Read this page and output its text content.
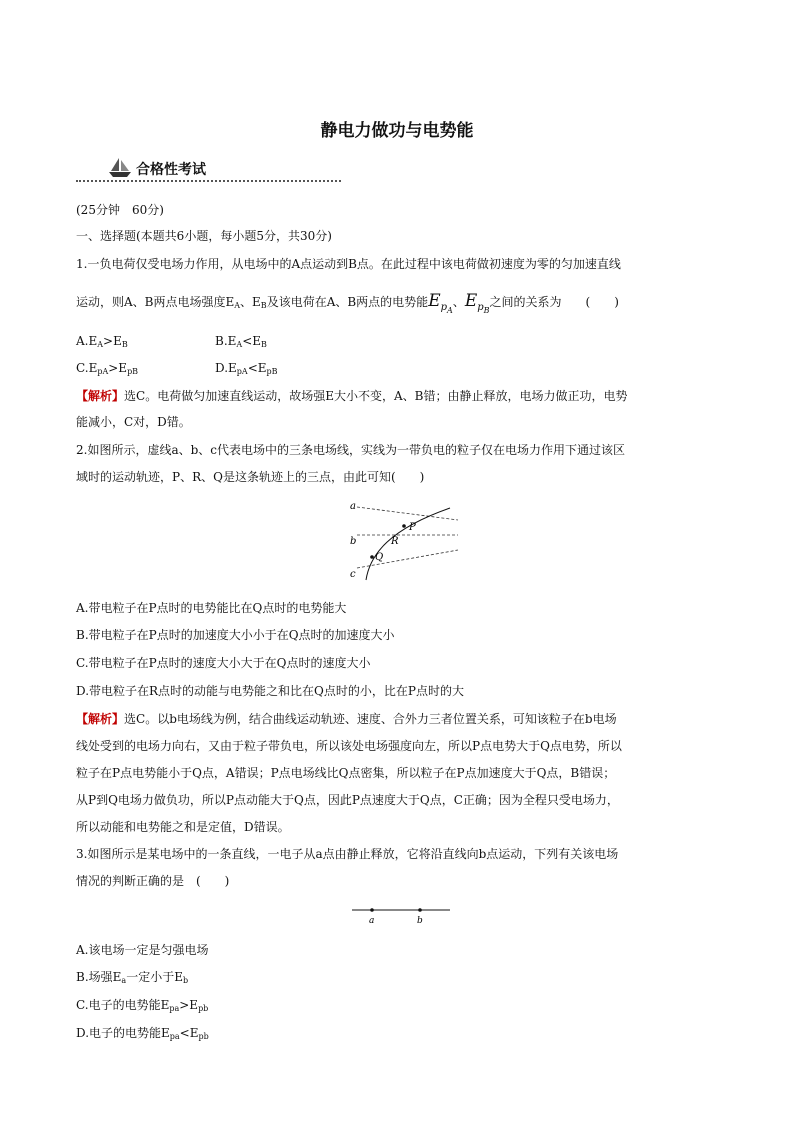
静电力做功与电势能
合格性考试
(25分钟　60分)
一、选择题(本题共6小题，每小题5分，共30分)
1.一负电荷仅受电场力作用，从电场中的A点运动到B点。在此过程中该电荷做初速度为零的匀加速直线
运动，则A、B两点电场强度$E_A$、$E_B$及该电荷在A、B两点的电势能$E_{p_A}$、$E_{p_B}$之间的关系为　　(　　)
$A.E_A>E_B$	$B.E_A<E_B$
$C.E_{pA}>E_{pB}$	$D.E_{pA}<E_{pB}$
【解析】选C。电荷做匀加速直线运动，故场强E大小不变，A、B错；由静止释放，电场力做正功，电势
能减小，C对，D错。
2.如图所示，虚线a、b、c代表电场中的三条电场线，实线为一带负电的粒子仅在电场力作用下通过该区
域时的运动轨迹，P、R、Q是这条轨迹上的三点，由此可知(　　)
a
b
c
P
R
Q
A.带电粒子在P点时的电势能比在Q点时的电势能大
B.带电粒子在P点时的加速度大小小于在Q点时的加速度大小
C.带电粒子在P点时的速度大小大于在Q点时的速度大小
D.带电粒子在R点时的动能与电势能之和比在Q点时的小，比在P点时的大
【解析】选C。以b电场线为例，结合曲线运动轨迹、速度、合外力三者位置关系，可知该粒子在b电场
线处受到的电场力向右，又由于粒子带负电，所以该处电场强度向左，所以P点电势大于Q点电势，所以
粒子在P点电势能小于Q点，A错误；P点电场线比Q点密集，所以粒子在P点加速度大于Q点，B错误；
从P到Q电场力做负功，所以P点动能大于Q点，因此P点速度大于Q点，C正确；因为全程只受电场力，
所以动能和电势能之和是定值，D错误。
3.如图所示是某电场中的一条直线，一电子从a点由静止释放，它将沿直线向b点运动，下列有关该电场
情况的判断正确的是　(　　)
a	b
A.该电场一定是匀强电场
B.场强$E_a$一定小于$E_b$
C.电子的电势能$E_{pa}>E_{pb}$
D.电子的电势能$E_{pa}<E_{pb}$
